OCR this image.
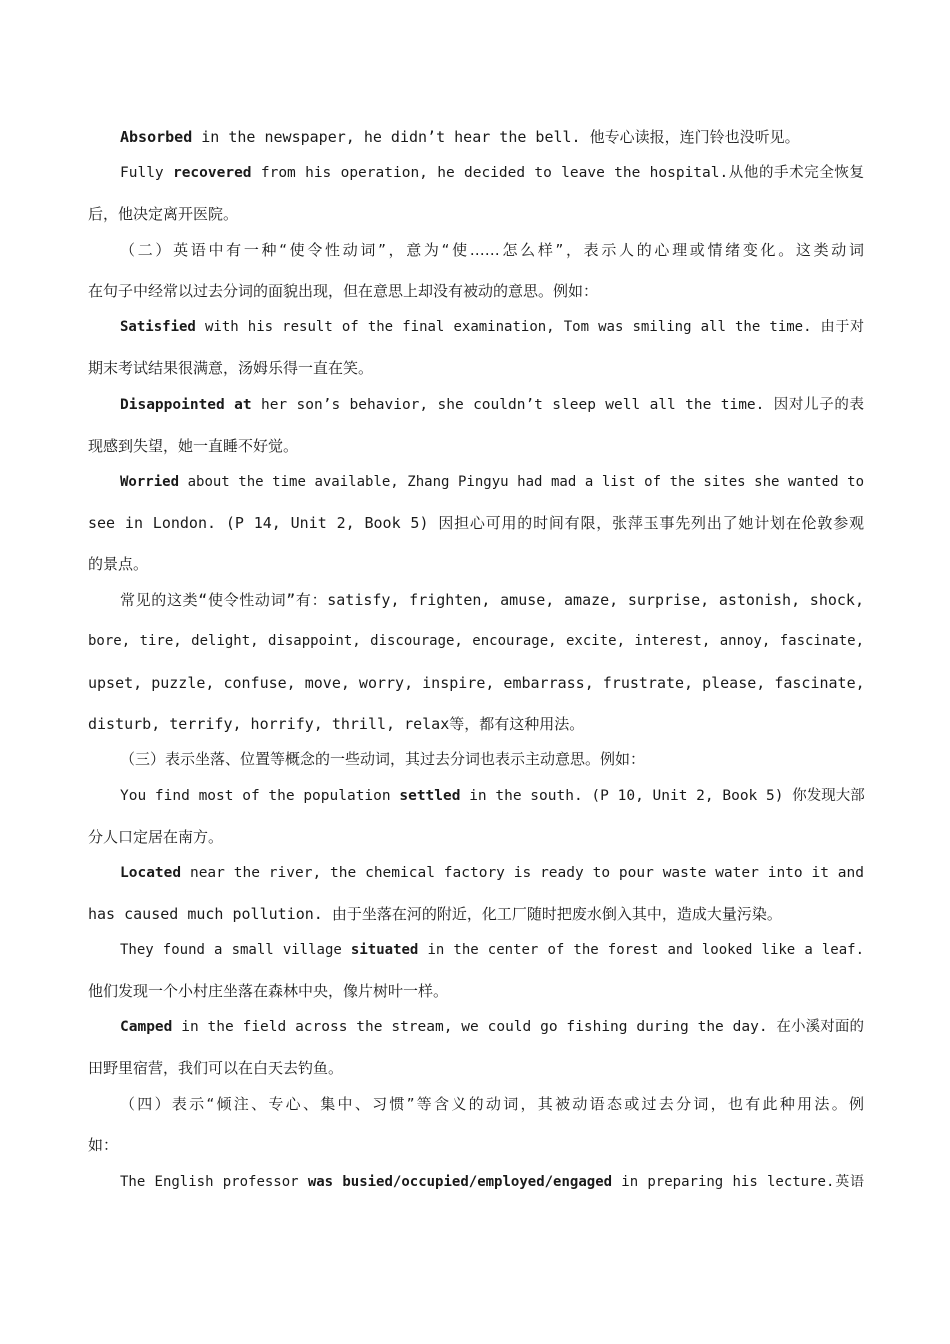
Absorbed in the newspaper, he didn’t hear the bell. 他专心读报，连门铃也没听见。
Fully recovered from his operation, he decided to leave the hospital.从他的手术完全恢复
后，他决定离开医院。
（二）英语中有一种“使令性动词”，意为“使……怎么样”，表示人的心理或情绪变化。这类动词
在句子中经常以过去分词的面貌出现，但在意思上却没有被动的意思。例如：
Satisfied with his result of the final examination, Tom was smiling all the time. 由于对
期末考试结果很满意，汤姆乐得一直在笑。
Disappointed at her son’s behavior, she couldn’t sleep well all the time. 因对儿子的表
现感到失望，她一直睡不好觉。
Worried about the time available, Zhang Pingyu had mad a list of the sites she wanted to
see in London. (P 14, Unit 2, Book 5) 因担心可用的时间有限，张萍玉事先列出了她计划在伦敦参观
的景点。
常见的这类“使令性动词”有：satisfy, frighten, amuse, amaze, surprise, astonish, shock,
bore, tire, delight, disappoint, discourage, encourage, excite, interest, annoy, fascinate,
upset, puzzle, confuse, move, worry, inspire, embarrass, frustrate, please, fascinate,
disturb, terrify, horrify, thrill, relax等，都有这种用法。
（三）表示坐落、位置等概念的一些动词，其过去分词也表示主动意思。例如：
You find most of the population settled in the south. (P 10, Unit 2, Book 5) 你发现大部
分人口定居在南方。
Located near the river, the chemical factory is ready to pour waste water into it and
has caused much pollution. 由于坐落在河的附近，化工厂随时把废水倒入其中，造成大量污染。
They found a small village situated in the center of the forest and looked like a leaf.
他们发现一个小村庄坐落在森林中央，像片树叶一样。
Camped in the field across the stream, we could go fishing during the day. 在小溪对面的
田野里宿营，我们可以在白天去钓鱼。
（四）表示“倾注、专心、集中、习惯”等含义的动词，其被动语态或过去分词，也有此种用法。例
如：
The English professor was busied/occupied/employed/engaged in preparing his lecture.英语
